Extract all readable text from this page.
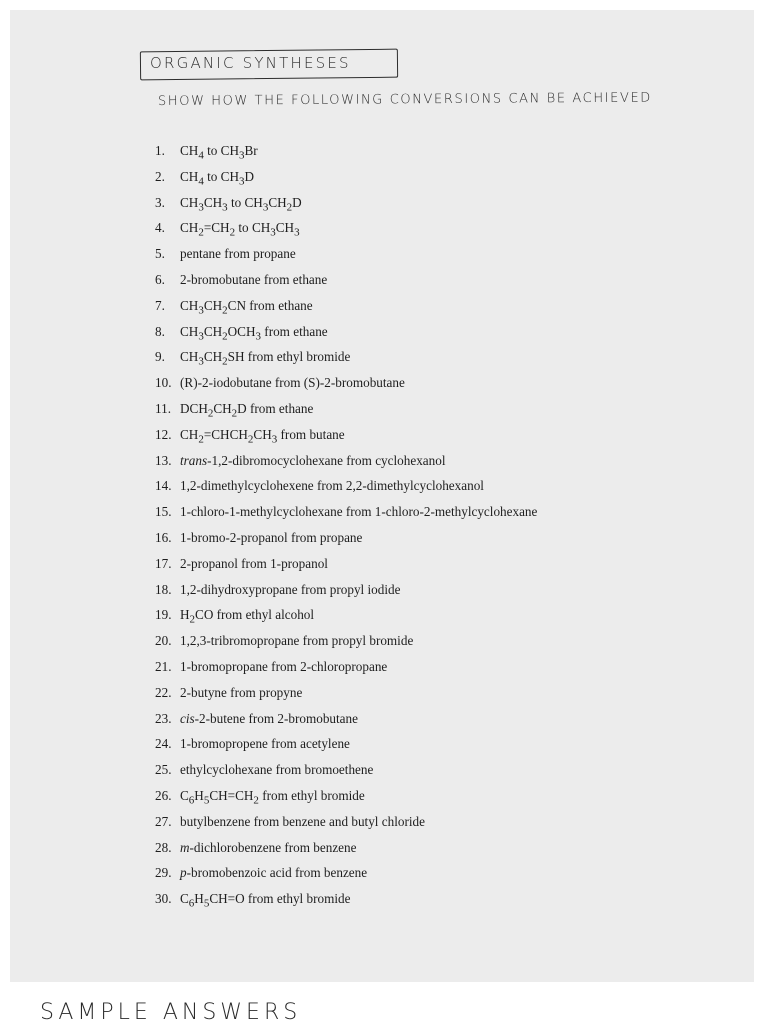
ORGANIC SYNTHESES
SHOW HOW THE FOLLOWING CONVERSIONS CAN BE ACHIEVED
1. $CH_4$ to $CH_3Br$
2. $CH_4$ to $CH_3D$
3. $CH_3CH_3$ to $CH_3CH_2D$
4. $CH_2=CH_2$ to $CH_3CH_3$
5. pentane from propane
6. 2-bromobutane from ethane
7. $CH_3CH_2CN$ from ethane
8. $CH_3CH_2OCH_3$ from ethane
9. $CH_3CH_2SH$ from ethyl bromide
10. (R)-2-iodobutane from (S)-2-bromobutane
11. $DCH_2CH_2D$ from ethane
12. $CH_2=CHCH_2CH_3$ from butane
13. trans-1,2-dibromocyclohexane from cyclohexanol
14. 1,2-dimethylcyclohexene from 2,2-dimethylcyclohexanol
15. 1-chloro-1-methylcyclohexane from 1-chloro-2-methylcyclohexane
16. 1-bromo-2-propanol from propane
17. 2-propanol from 1-propanol
18. 1,2-dihydroxypropane from propyl iodide
19. $H_2CO$ from ethyl alcohol
20. 1,2,3-tribromopropane from propyl bromide
21. 1-bromopropane from 2-chloropropane
22. 2-butyne from propyne
23. cis-2-butene from 2-bromobutane
24. 1-bromopropene from acetylene
25. ethylcyclohexane from bromoethene
26. $C_6H_5CH=CH_2$ from ethyl bromide
27. butylbenzene from benzene and butyl chloride
28. m-dichlorobenzene from benzene
29. p-bromobenzoic acid from benzene
30. $C_6H_5CH=O$ from ethyl bromide
SAMPLE ANSWERS
